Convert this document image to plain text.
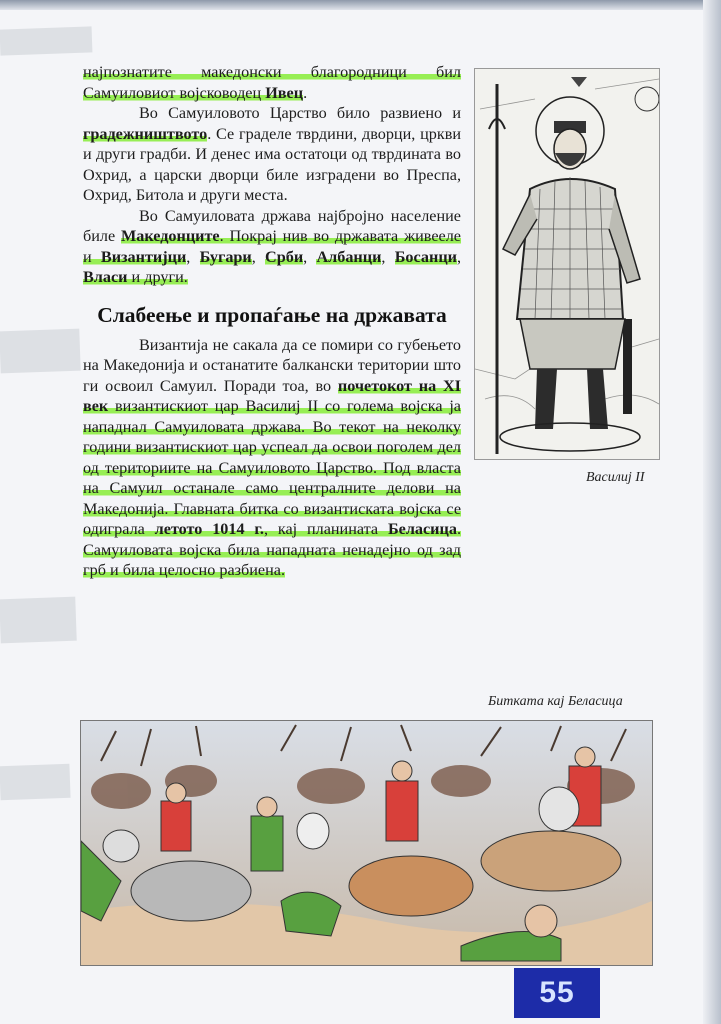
најпознатите македонски благородници бил Самуиловиот војсководец Ивец.

Во Самуиловото Царство било развиено и градежништвото. Се граделе тврдини, дворци, цркви и други градби. И денес има остатоци од тврдината во Охрид, а царски дворци биле изградени во Преспа, Охрид, Битола и други места.

Во Самуиловата држава најбројно население биле Македонците. Покрај нив во државата живееле и Византијци, Бугари, Срби, Албанци, Босанци, Власи и други.

Слабеење и пропаѓање на државата

Византија не сакала да се помири со губењето на Македонија и останатите балкански територии што ги освоил Самуил. Поради тоа, во почетокот на XI век византискиот цар Василиј II со голема војска ја нападнал Самуиловата држава. Во текот на неколку години византискиот цар успеал да освои поголем дел од териториите на Самуиловото Царство. Под власта на Самуил останале само централните делови на Македонија. Главната битка со византиската војска се одиграла летото 1014 г., кај планината Беласица. Самуиловата војска била нападната ненадејно од зад грб и била целосно разбиена.

Василиј II
Битката кај Беласица
55
